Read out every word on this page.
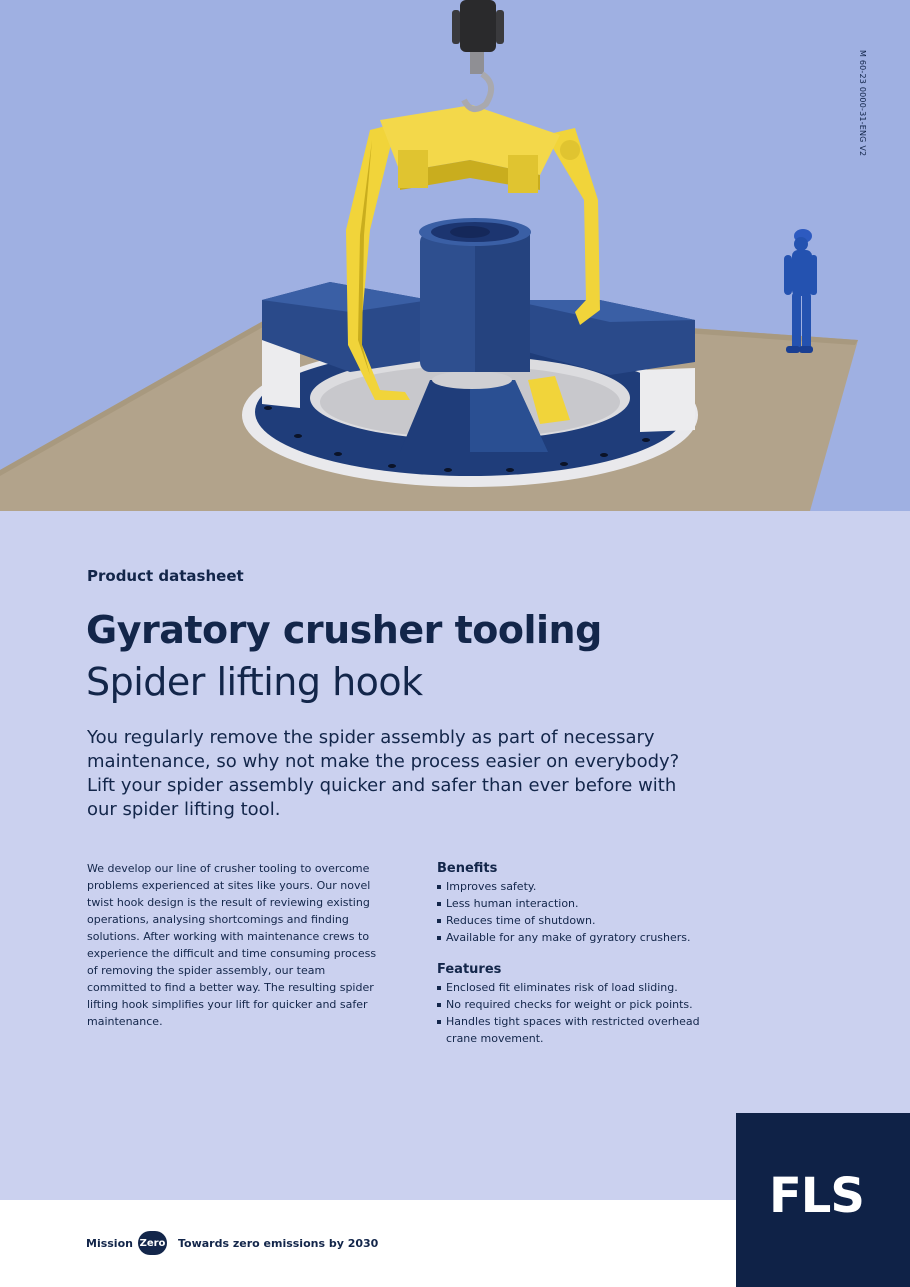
M 60-23 0000-31-ENG V2
Product datasheet
Gyratory crusher tooling
Spider lifting hook

You regularly remove the spider assembly as part of necessary maintenance, so why not make the process easier on everybody? Lift your spider assembly quicker and safer than ever before with our spider lifting tool.

We develop our line of crusher tooling to overcome problems experienced at sites like yours. Our novel twist hook design is the result of reviewing existing operations, analysing shortcomings and finding solutions. After working with maintenance crews to experience the difficult and time consuming process of removing the spider assembly, our team committed to find a better way. The resulting spider lifting hook simplifies your lift for quicker and safer maintenance.

Benefits
Improves safety.
Less human interaction.
Reduces time of shutdown.
Available for any make of gyratory crushers.
Features
Enclosed fit eliminates risk of load sliding.
No required checks for weight or pick points.
Handles tight spaces with restricted overhead crane movement.
Mission Zero Towards zero emissions by 2030
FLS
